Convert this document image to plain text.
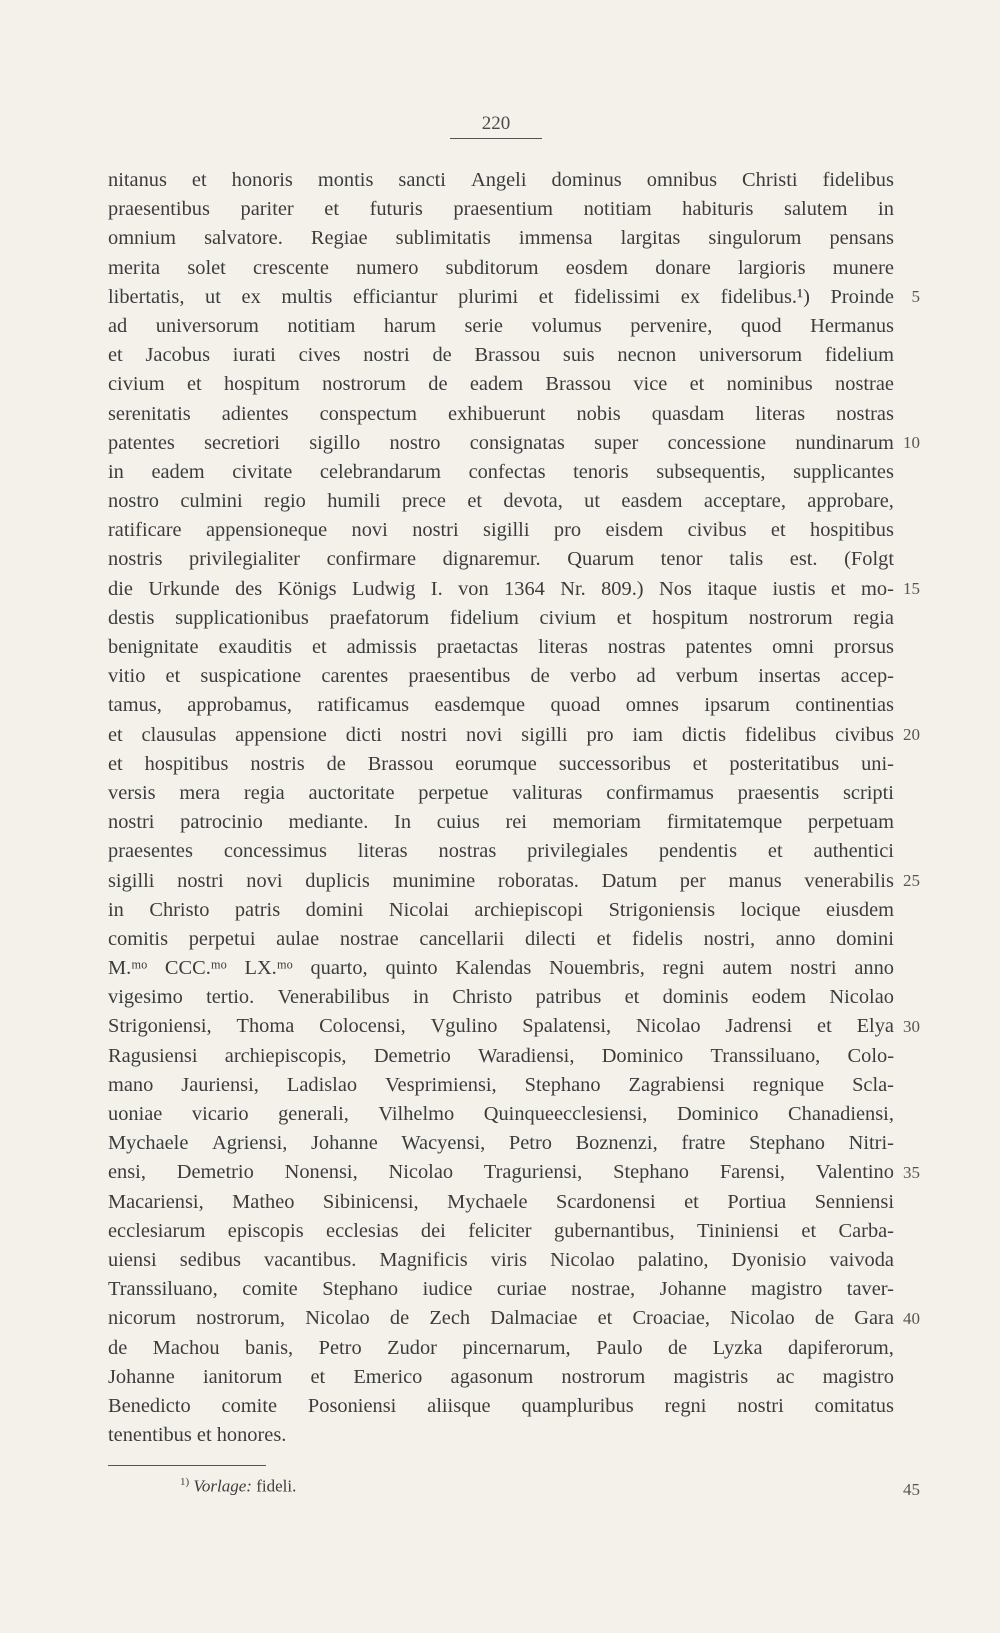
220
nitanus et honoris montis sancti Angeli dominus omnibus Christi fidelibus
praesentibus pariter et futuris praesentium notitiam habituris salutem in
omnium salvatore. Regiae sublimitatis immensa largitas singulorum pensans
merita solet crescente numero subditorum eosdem donare largioris munere
libertatis, ut ex multis efficiantur plurimi et fidelissimi ex fidelibus.¹) Proinde
ad universorum notitiam harum serie volumus pervenire, quod Hermanus
et Jacobus iurati cives nostri de Brassou suis necnon universorum fidelium
civium et hospitum nostrorum de eadem Brassou vice et nominibus nostrae
serenitatis adientes conspectum exhibuerunt nobis quasdam literas nostras
patentes secretiori sigillo nostro consignatas super concessione nundinarum
in eadem civitate celebrandarum confectas tenoris subsequentis, supplicantes
nostro culmini regio humili prece et devota, ut easdem acceptare, approbare,
ratificare appensioneque novi nostri sigilli pro eisdem civibus et hospitibus
nostris privilegialiter confirmare dignaremur. Quarum tenor talis est. (Folgt
die Urkunde des Königs Ludwig I. von 1364 Nr. 809.) Nos itaque iustis et mo-
destis supplicationibus praefatorum fidelium civium et hospitum nostrorum regia
benignitate exauditis et admissis praetactas literas nostras patentes omni prorsus
vitio et suspicatione carentes praesentibus de verbo ad verbum insertas accep-
tamus, approbamus, ratificamus easdemque quoad omnes ipsarum continentias
et clausulas appensione dicti nostri novi sigilli pro iam dictis fidelibus civibus
et hospitibus nostris de Brassou eorumque successoribus et posteritatibus uni-
versis mera regia auctoritate perpetue valituras confirmamus praesentis scripti
nostri patrocinio mediante. In cuius rei memoriam firmitatemque perpetuam
praesentes concessimus literas nostras privilegiales pendentis et authentici
sigilli nostri novi duplicis munimine roboratas. Datum per manus venerabilis
in Christo patris domini Nicolai archiepiscopi Strigoniensis locique eiusdem
comitis perpetui aulae nostrae cancellarii dilecti et fidelis nostri, anno domini
M.ᵐᵒ CCC.ᵐᵒ LX.ᵐᵒ quarto, quinto Kalendas Nouembris, regni autem nostri anno
vigesimo tertio. Venerabilibus in Christo patribus et dominis eodem Nicolao
Strigoniensi, Thoma Colocensi, Vgulino Spalatensi, Nicolao Jadrensi et Elya
Ragusiensi archiepiscopis, Demetrio Waradiensi, Dominico Transsiluano, Colo-
mano Jauriensi, Ladislao Vesprimiensi, Stephano Zagrabiensi regnique Scla-
uoniae vicario generali, Vilhelmo Quinqueecclesiensi, Dominico Chanadiensi,
Mychaele Agriensi, Johanne Wacyensi, Petro Boznenzi, fratre Stephano Nitri-
ensi, Demetrio Nonensi, Nicolao Traguriensi, Stephano Farensi, Valentino
Macariensi, Matheo Sibinicensi, Mychaele Scardonensi et Portiua Senniensi
ecclesiarum episcopis ecclesias dei feliciter gubernantibus, Tininiensi et Carba-
uiensi sedibus vacantibus. Magnificis viris Nicolao palatino, Dyonisio vaivoda
Transsiluano, comite Stephano iudice curiae nostrae, Johanne magistro taver-
nicorum nostrorum, Nicolao de Zech Dalmaciae et Croaciae, Nicolao de Gara
de Machou banis, Petro Zudor pincernarum, Paulo de Lyzka dapiferorum,
Johanne ianitorum et Emerico agasonum nostrorum magistris ac magistro
Benedicto comite Posoniensi aliisque quampluribus regni nostri comitatus
tenentibus et honores.
5
10
15
20
25
30
35
40
45
$^{1)}$ Vorlage: fideli.
